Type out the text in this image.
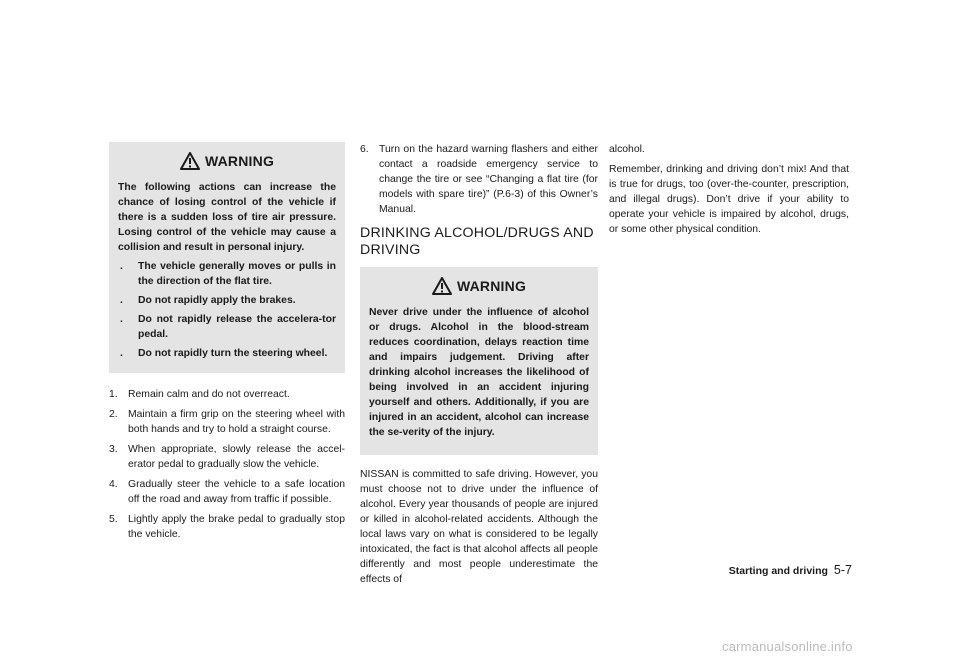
WARNING

The following actions can increase the chance of losing control of the vehicle if there is a sudden loss of tire air pressure. Losing control of the vehicle may cause a collision and result in personal injury.

.	The vehicle generally moves or pulls in the direction of the flat tire.
.	Do not rapidly apply the brakes.
.	Do not rapidly release the accelera-tor pedal.
.	Do not rapidly turn the steering wheel.
1. Remain calm and do not overreact.
2. Maintain a firm grip on the steering wheel with both hands and try to hold a straight course.
3. When appropriate, slowly release the accel-erator pedal to gradually slow the vehicle.
4. Gradually steer the vehicle to a safe location off the road and away from traffic if possible.
5. Lightly apply the brake pedal to gradually stop the vehicle.
6. Turn on the hazard warning flashers and either contact a roadside emergency service to change the tire or see “Changing a flat tire (for models with spare tire)” (P.6-3) of this Owner’s Manual.
DRINKING ALCOHOL/DRUGS AND DRIVING
WARNING

Never drive under the influence of alcohol or drugs. Alcohol in the blood-stream reduces coordination, delays reaction time and impairs judgement. Driving after drinking alcohol increases the likelihood of being involved in an accident injuring yourself and others. Additionally, if you are injured in an accident, alcohol can increase the se-verity of the injury.

NISSAN is committed to safe driving. However, you must choose not to drive under the influence of alcohol. Every year thousands of people are injured or killed in alcohol-related accidents. Although the local laws vary on what is considered to be legally intoxicated, the fact is that alcohol affects all people differently and most people underestimate the effects of

alcohol.

Remember, drinking and driving don’t mix! And that is true for drugs, too (over-the-counter, prescription, and illegal drugs). Don’t drive if your ability to operate your vehicle is impaired by alcohol, drugs, or some other physical condition.

Starting and driving 5-7
carmanualsonline.info
